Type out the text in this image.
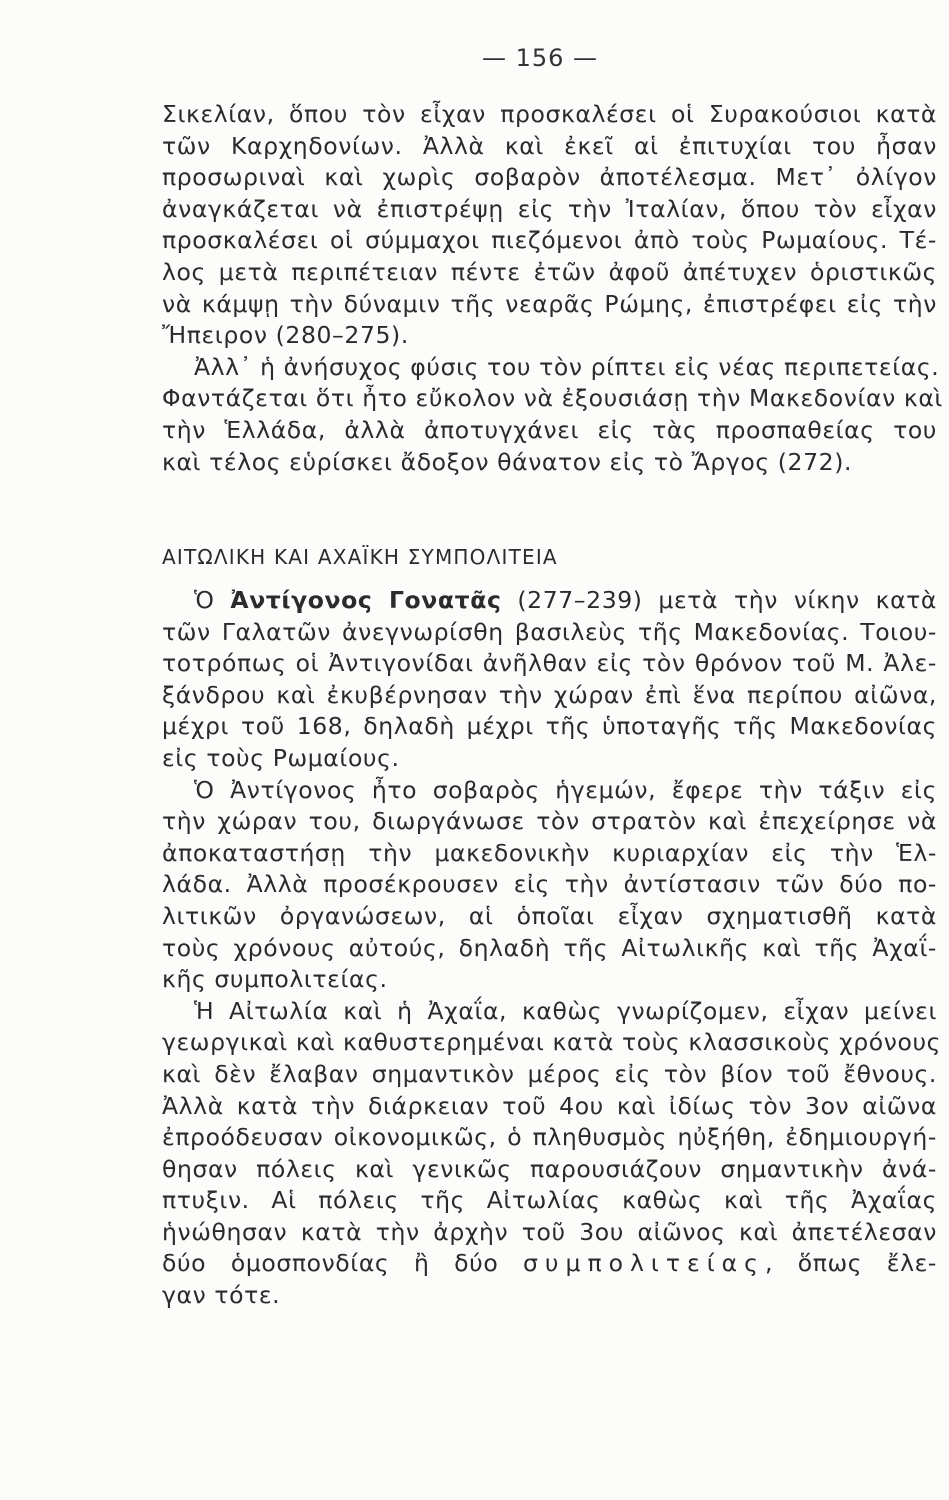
— 156 —
Σικελίαν, ὅπου τὸν εἶχαν προσκαλέσει οἱ Συρακούσιοι κατὰ
τῶν Καρχηδονίων. Ἀλλὰ καὶ ἐκεῖ αἱ ἐπιτυχίαι του ἦσαν
προσωριναὶ καὶ χωρὶς σοβαρὸν ἀποτέλεσμα. Μετ᾽ ὀλίγον
ἀναγκάζεται νὰ ἐπιστρέψῃ εἰς τὴν Ἰταλίαν, ὅπου τὸν εἶχαν
προσκαλέσει οἱ σύμμαχοι πιεζόμενοι ἀπὸ τοὺς Ρωμαίους. Τέ-
λος μετὰ περιπέτειαν πέντε ἐτῶν ἀφοῦ ἀπέτυχεν ὁριστικῶς
νὰ κάμψῃ τὴν δύναμιν τῆς νεαρᾶς Ρώμης, ἐπιστρέφει εἰς τὴν
Ἤπειρον (280–275).
Ἀλλ᾽ ἡ ἀνήσυχος φύσις του τὸν ρίπτει εἰς νέας περιπετείας.
Φαντάζεται ὅτι ἦτο εὔκολον νὰ ἐξουσιάσῃ τὴν Μακεδονίαν καὶ
τὴν Ἑλλάδα, ἀλλὰ ἀποτυγχάνει εἰς τὰς προσπαθείας του
καὶ τέλος εὑρίσκει ἄδοξον θάνατον εἰς τὸ Ἄργος (272).
ΑΙΤΩΛΙΚΗ ΚΑΙ ΑΧΑΪΚΗ ΣΥΜΠΟΛΙΤΕΙΑ
Ὁ Ἀντίγονος Γονατᾶς (277–239) μετὰ τὴν νίκην κατὰ
τῶν Γαλατῶν ἀνεγνωρίσθη βασιλεὺς τῆς Μακεδονίας. Τοιου-
τοτρόπως οἱ Ἀντιγονίδαι ἀνῆλθαν εἰς τὸν θρόνον τοῦ Μ. Ἀλε-
ξάνδρου καὶ ἐκυβέρνησαν τὴν χώραν ἐπὶ ἕνα περίπου αἰῶνα,
μέχρι τοῦ 168, δηλαδὴ μέχρι τῆς ὑποταγῆς τῆς Μακεδονίας
εἰς τοὺς Ρωμαίους.
Ὁ Ἀντίγονος ἦτο σοβαρὸς ἡγεμών, ἔφερε τὴν τάξιν εἰς
τὴν χώραν του, διωργάνωσε τὸν στρατὸν καὶ ἐπεχείρησε νὰ
ἀποκαταστήσῃ τὴν μακεδονικὴν κυριαρχίαν εἰς τὴν Ἑλ-
λάδα. Ἀλλὰ προσέκρουσεν εἰς τὴν ἀντίστασιν τῶν δύο πο-
λιτικῶν ὀργανώσεων, αἱ ὁποῖαι εἶχαν σχηματισθῆ κατὰ
τοὺς χρόνους αὐτούς, δηλαδὴ τῆς Αἰτωλικῆς καὶ τῆς Ἀχαΐ-
κῆς συμπολιτείας.
Ἡ Αἰτωλία καὶ ἡ Ἀχαΐα, καθὼς γνωρίζομεν, εἶχαν μείνει
γεωργικαὶ καὶ καθυστερημέναι κατὰ τοὺς κλασσικοὺς χρόνους
καὶ δὲν ἔλαβαν σημαντικὸν μέρος εἰς τὸν βίον τοῦ ἔθνους.
Ἀλλὰ κατὰ τὴν διάρκειαν τοῦ 4ου καὶ ἰδίως τὸν 3ον αἰῶνα
ἐπροόδευσαν οἰκονομικῶς, ὁ πληθυσμὸς ηὐξήθη, ἐδημιουργή-
θησαν πόλεις καὶ γενικῶς παρουσιάζουν σημαντικὴν ἀνά-
πτυξιν. Αἱ πόλεις τῆς Αἰτωλίας καθὼς καὶ τῆς Ἀχαΐας
ἡνώθησαν κατὰ τὴν ἀρχὴν τοῦ 3ου αἰῶνος καὶ ἀπετέλεσαν
δύο ὁμοσπονδίας ἢ δύο συμπολιτείας, ὅπως ἔλε-
γαν τότε.
